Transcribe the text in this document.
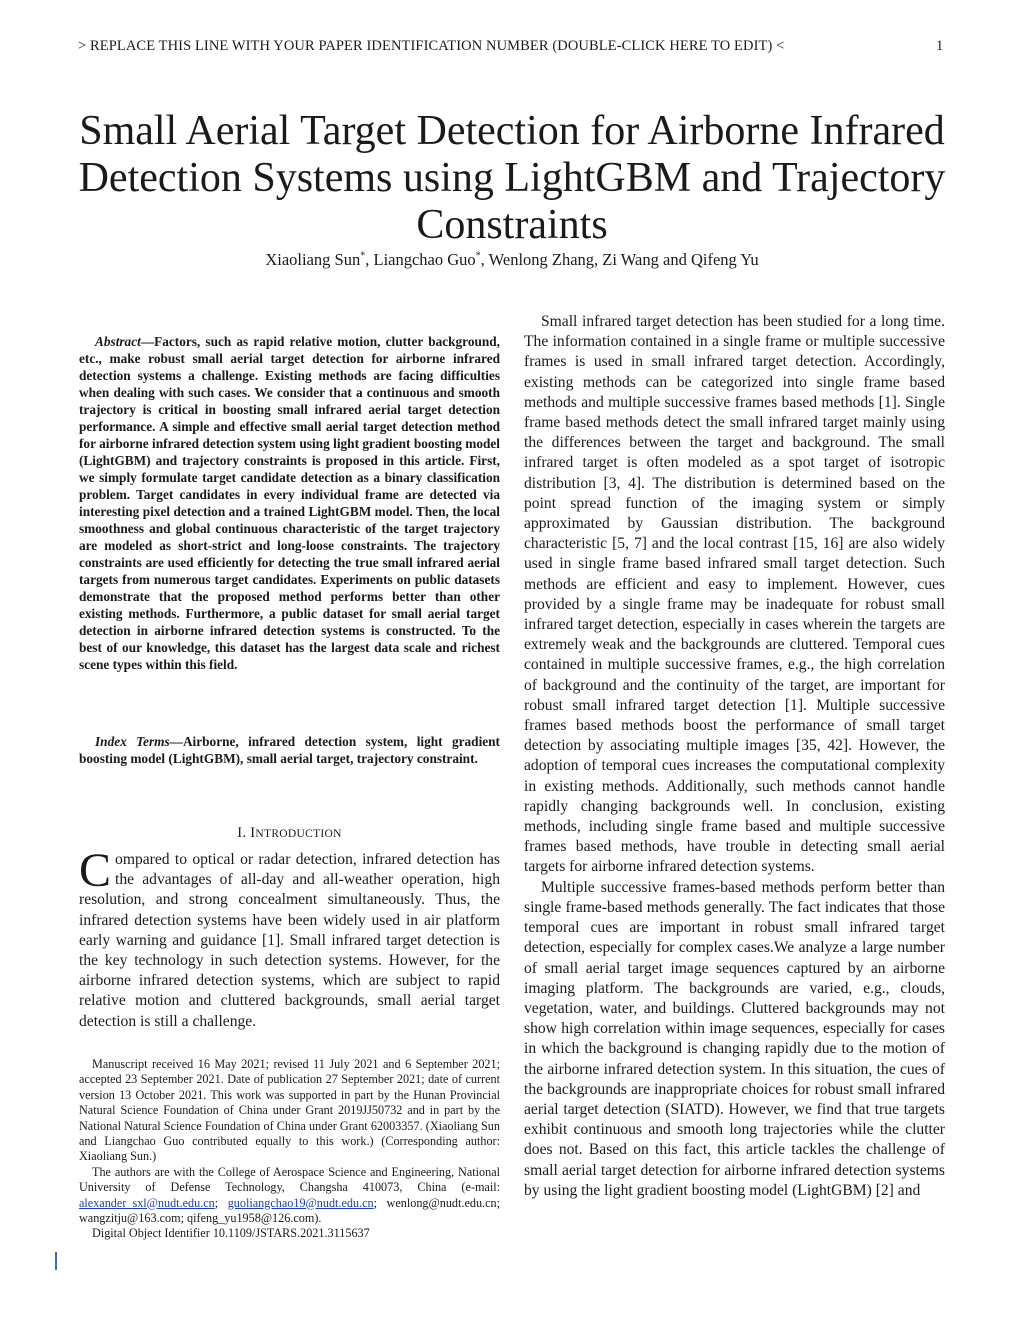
> REPLACE THIS LINE WITH YOUR PAPER IDENTIFICATION NUMBER (DOUBLE-CLICK HERE TO EDIT) <	1
Small Aerial Target Detection for Airborne Infrared Detection Systems using LightGBM and Trajectory Constraints
Xiaoliang Sun*, Liangchao Guo*, Wenlong Zhang, Zi Wang and Qifeng Yu

Abstract—Factors, such as rapid relative motion, clutter background, etc., make robust small aerial target detection for airborne infrared detection systems a challenge. Existing methods are facing difficulties when dealing with such cases. We consider that a continuous and smooth trajectory is critical in boosting small infrared aerial target detection performance. A simple and effective small aerial target detection method for airborne infrared detection system using light gradient boosting model (LightGBM) and trajectory constraints is proposed in this article. First, we simply formulate target candidate detection as a binary classification problem. Target candidates in every individual frame are detected via interesting pixel detection and a trained LightGBM model. Then, the local smoothness and global continuous characteristic of the target trajectory are modeled as short-strict and long-loose constraints. The trajectory constraints are used efficiently for detecting the true small infrared aerial targets from numerous target candidates. Experiments on public datasets demonstrate that the proposed method performs better than other existing methods. Furthermore, a public dataset for small aerial target detection in airborne infrared detection systems is constructed. To the best of our knowledge, this dataset has the largest data scale and richest scene types within this field.

Index Terms—Airborne, infrared detection system, light gradient boosting model (LightGBM), small aerial target, trajectory constraint.

I. INTRODUCTION

Compared to optical or radar detection, infrared detection has the advantages of all-day and all-weather operation, high resolution, and strong concealment simultaneously. Thus, the infrared detection systems have been widely used in air platform early warning and guidance [1]. Small infrared target detection is the key technology in such detection systems. However, for the airborne infrared detection systems, which are subject to rapid relative motion and cluttered backgrounds, small aerial target detection is still a challenge.

Manuscript received 16 May 2021; revised 11 July 2021 and 6 September 2021; accepted 23 September 2021. Date of publication 27 September 2021; date of current version 13 October 2021. This work was supported in part by the Hunan Provincial Natural Science Foundation of China under Grant 2019JJ50732 and in part by the National Natural Science Foundation of China under Grant 62003357. (Xiaoliang Sun and Liangchao Guo contributed equally to this work.) (Corresponding author: Xiaoliang Sun.)

The authors are with the College of Aerospace Science and Engineering, National University of Defense Technology, Changsha 410073, China (e-mail: alexander_sxl@nudt.edu.cn; guoliangchao19@nudt.edu.cn; wenlong@nudt.edu.cn; wangzitju@163.com; qifeng_yu1958@126.com).

Digital Object Identifier 10.1109/JSTARS.2021.3115637

Small infrared target detection has been studied for a long time. The information contained in a single frame or multiple successive frames is used in small infrared target detection. Accordingly, existing methods can be categorized into single frame based methods and multiple successive frames based methods [1]. Single frame based methods detect the small infrared target mainly using the differences between the target and background. The small infrared target is often modeled as a spot target of isotropic distribution [3, 4]. The distribution is determined based on the point spread function of the imaging system or simply approximated by Gaussian distribution. The background characteristic [5, 7] and the local contrast [15, 16] are also widely used in single frame based infrared small target detection. Such methods are efficient and easy to implement. However, cues provided by a single frame may be inadequate for robust small infrared target detection, especially in cases wherein the targets are extremely weak and the backgrounds are cluttered. Temporal cues contained in multiple successive frames, e.g., the high correlation of background and the continuity of the target, are important for robust small infrared target detection [1]. Multiple successive frames based methods boost the performance of small target detection by associating multiple images [35, 42]. However, the adoption of temporal cues increases the computational complexity in existing methods. Additionally, such methods cannot handle rapidly changing backgrounds well. In conclusion, existing methods, including single frame based and multiple successive frames based methods, have trouble in detecting small aerial targets for airborne infrared detection systems.

Multiple successive frames-based methods perform better than single frame-based methods generally. The fact indicates that those temporal cues are important in robust small infrared target detection, especially for complex cases.We analyze a large number of small aerial target image sequences captured by an airborne imaging platform. The backgrounds are varied, e.g., clouds, vegetation, water, and buildings. Cluttered backgrounds may not show high correlation within image sequences, especially for cases in which the background is changing rapidly due to the motion of the airborne infrared detection system. In this situation, the cues of the backgrounds are inappropriate choices for robust small infrared aerial target detection (SIATD). However, we find that true targets exhibit continuous and smooth long trajectories while the clutter does not. Based on this fact, this article tackles the challenge of small aerial target detection for airborne infrared detection systems by using the light gradient boosting model (LightGBM) [2] and
